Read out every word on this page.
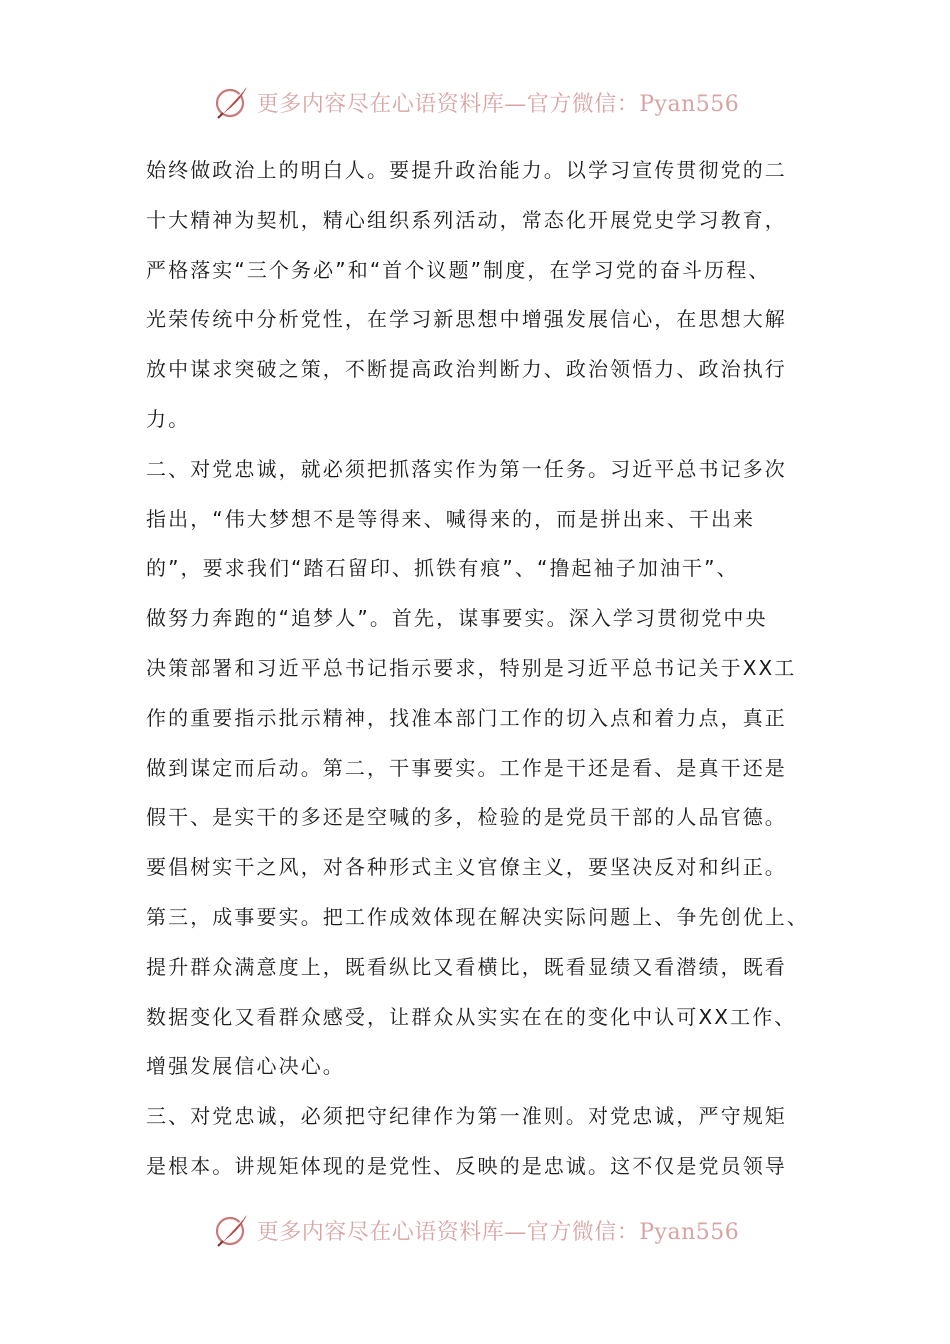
更多内容尽在心语资料库—官方微信：Pyan556
始终做政治上的明白人。要提升政治能力。以学习宣传贯彻党的二
十大精神为契机，精心组织系列活动，常态化开展党史学习教育，
严格落实“三个务必”和“首个议题”制度，在学习党的奋斗历程、
光荣传统中分析党性，在学习新思想中增强发展信心，在思想大解
放中谋求突破之策，不断提高政治判断力、政治领悟力、政治执行
力。
二、对党忠诚，就必须把抓落实作为第一任务。习近平总书记多次
指出，“伟大梦想不是等得来、喊得来的，而是拼出来、干出来
的”，要求我们“踏石留印、抓铁有痕”、“撸起袖子加油干”、
做努力奔跑的“追梦人”。首先，谋事要实。深入学习贯彻党中央
决策部署和习近平总书记指示要求，特别是习近平总书记关于XX工
作的重要指示批示精神，找准本部门工作的切入点和着力点，真正
做到谋定而后动。第二，干事要实。工作是干还是看、是真干还是
假干、是实干的多还是空喊的多，检验的是党员干部的人品官德。
要倡树实干之风，对各种形式主义官僚主义，要坚决反对和纠正。
第三，成事要实。把工作成效体现在解决实际问题上、争先创优上、
提升群众满意度上，既看纵比又看横比，既看显绩又看潜绩，既看
数据变化又看群众感受，让群众从实实在在的变化中认可XX工作、
增强发展信心决心。
三、对党忠诚，必须把守纪律作为第一准则。对党忠诚，严守规矩
是根本。讲规矩体现的是党性、反映的是忠诚。这不仅是党员领导
更多内容尽在心语资料库—官方微信：Pyan556
